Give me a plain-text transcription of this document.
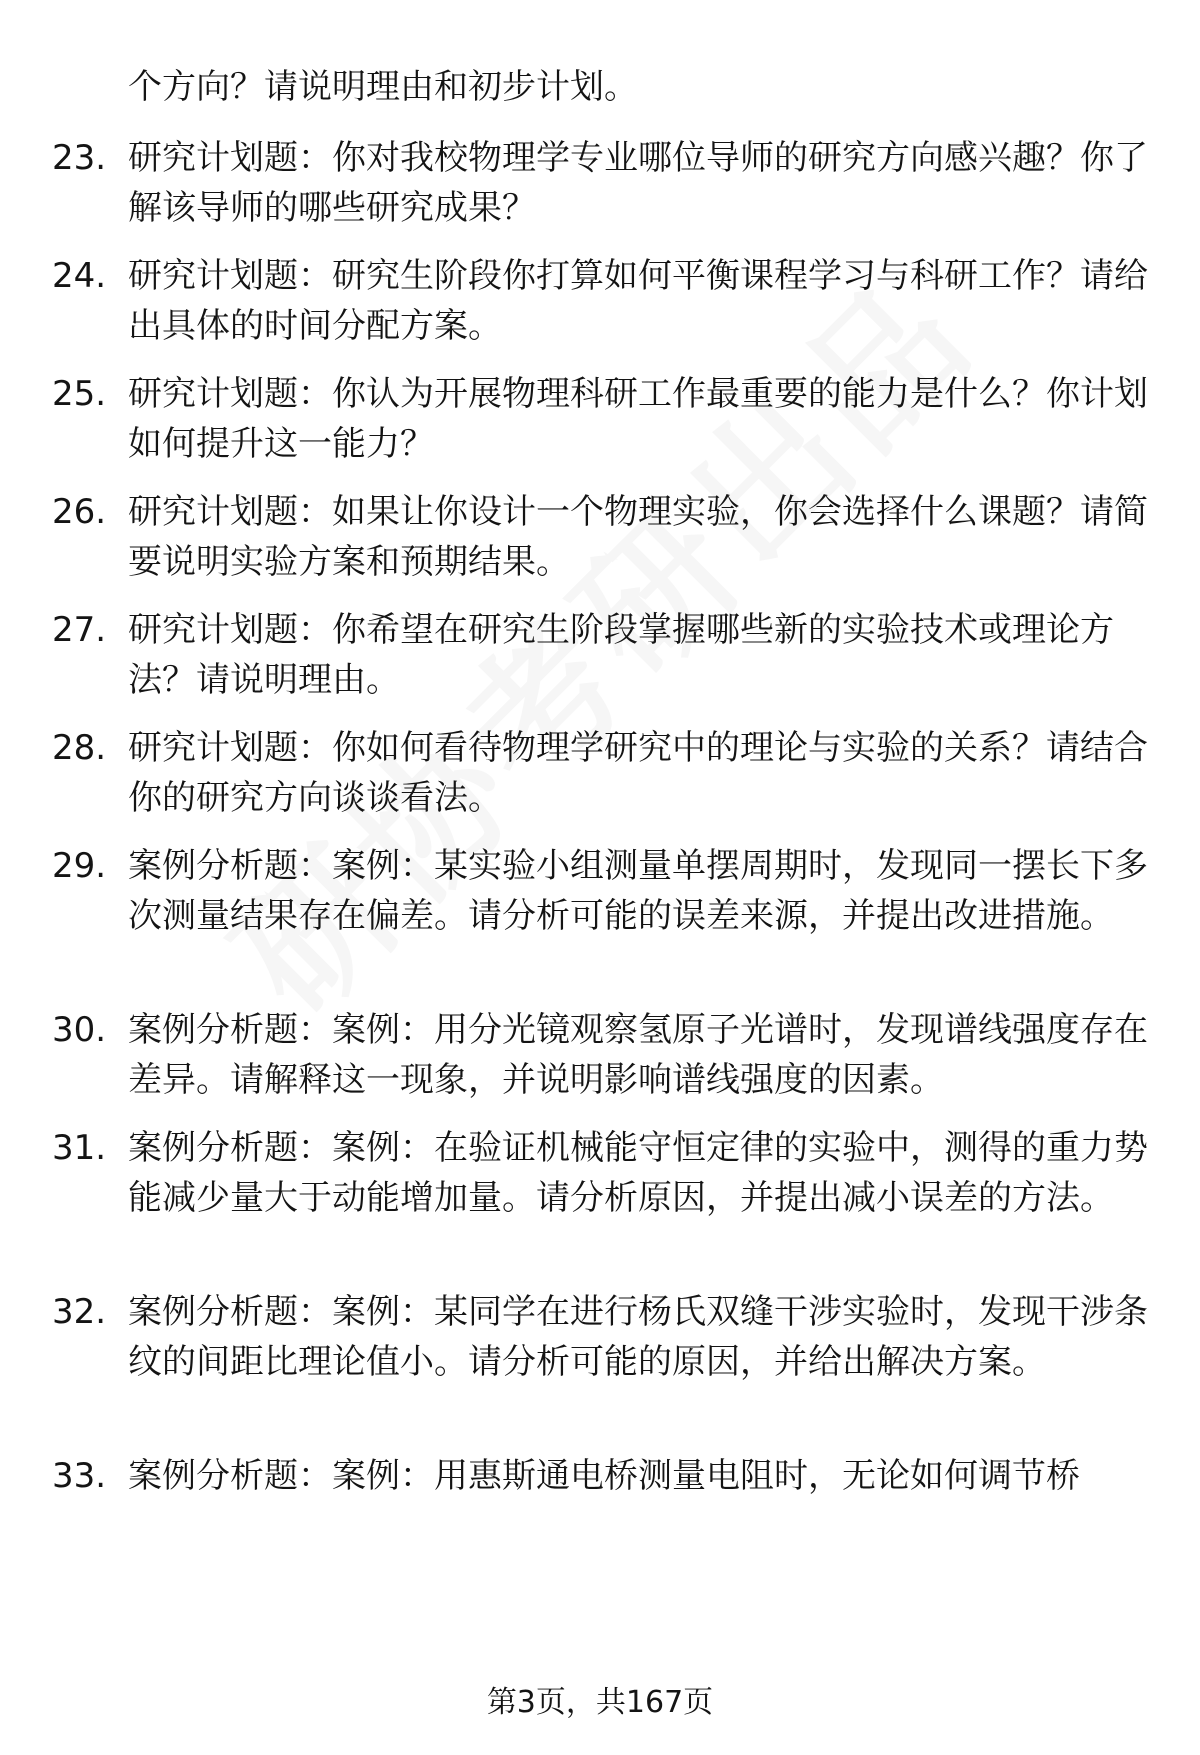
个方向？请说明理由和初步计划。
23. 研究计划题：你对我校物理学专业哪位导师的研究方向感兴趣？你了解该导师的哪些研究成果？
24. 研究计划题：研究生阶段你打算如何平衡课程学习与科研工作？请给出具体的时间分配方案。
25. 研究计划题：你认为开展物理科研工作最重要的能力是什么？你计划如何提升这一能力？
26. 研究计划题：如果让你设计一个物理实验，你会选择什么课题？请简要说明实验方案和预期结果。
27. 研究计划题：你希望在研究生阶段掌握哪些新的实验技术或理论方法？请说明理由。
28. 研究计划题：你如何看待物理学研究中的理论与实验的关系？请结合你的研究方向谈谈看法。
29. 案例分析题：案例：某实验小组测量单摆周期时，发现同一摆长下多次测量结果存在偏差。请分析可能的误差来源，并提出改进措施。
30. 案例分析题：案例：用分光镜观察氢原子光谱时，发现谱线强度存在差异。请解释这一现象，并说明影响谱线强度的因素。
31. 案例分析题：案例：在验证机械能守恒定律的实验中，测得的重力势能减少量大于动能增加量。请分析原因，并提出减小误差的方法。
32. 案例分析题：案例：某同学在进行杨氏双缝干涉实验时，发现干涉条纹的间距比理论值小。请分析可能的原因，并给出解决方案。
33. 案例分析题：案例：用惠斯通电桥测量电阻时，无论如何调节桥
第3页，共167页
